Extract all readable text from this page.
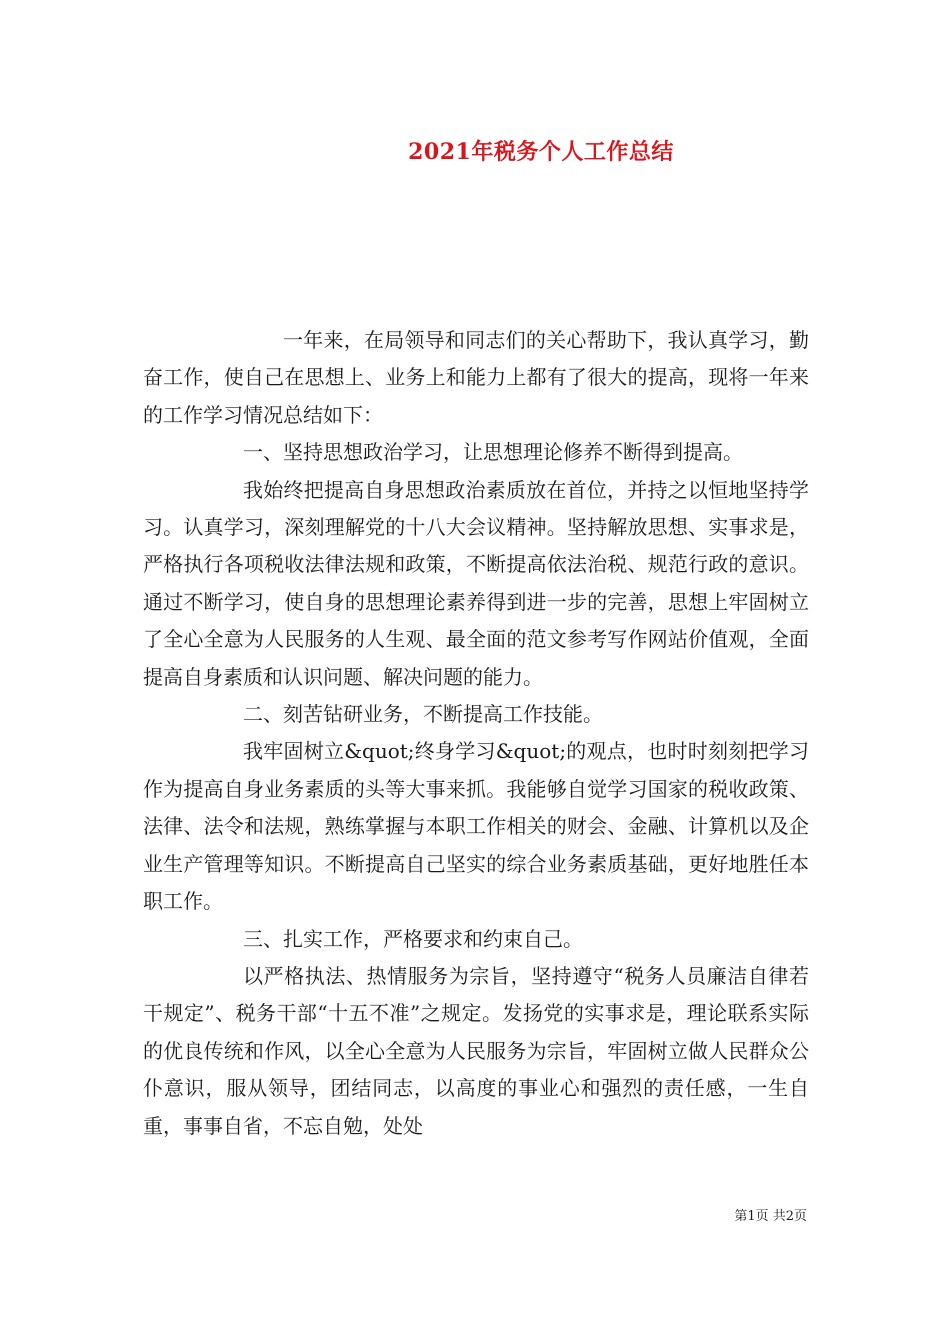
2021年税务个人工作总结

一年来，在局领导和同志们的关心帮助下，我认真学习，勤奋工作，使自己在思想上、业务上和能力上都有了很大的提高，现将一年来的工作学习情况总结如下：

一、坚持思想政治学习，让思想理论修养不断得到提高。

我始终把提高自身思想政治素质放在首位，并持之以恒地坚持学习。认真学习，深刻理解党的十八大会议精神。坚持解放思想、实事求是，严格执行各项税收法律法规和政策，不断提高依法治税、规范行政的意识。通过不断学习，使自身的思想理论素养得到进一步的完善，思想上牢固树立了全心全意为人民服务的人生观、最全面的范文参考写作网站价值观，全面提高自身素质和认识问题、解决问题的能力。

二、刻苦钻研业务，不断提高工作技能。

我牢固树立&quot;终身学习&quot;的观点，也时时刻刻把学习作为提高自身业务素质的头等大事来抓。我能够自觉学习国家的税收政策、法律、法令和法规，熟练掌握与本职工作相关的财会、金融、计算机以及企业生产管理等知识。不断提高自己坚实的综合业务素质基础，更好地胜任本职工作。

三、扎实工作，严格要求和约束自己。

以严格执法、热情服务为宗旨，坚持遵守“税务人员廉洁自律若干规定”、税务干部“十五不准”之规定。发扬党的实事求是，理论联系实际的优良传统和作风，以全心全意为人民服务为宗旨，牢固树立做人民群众公仆意识，服从领导，团结同志，以高度的事业心和强烈的责任感，一生自重，事事自省，不忘自勉，处处

第1页 共2页
